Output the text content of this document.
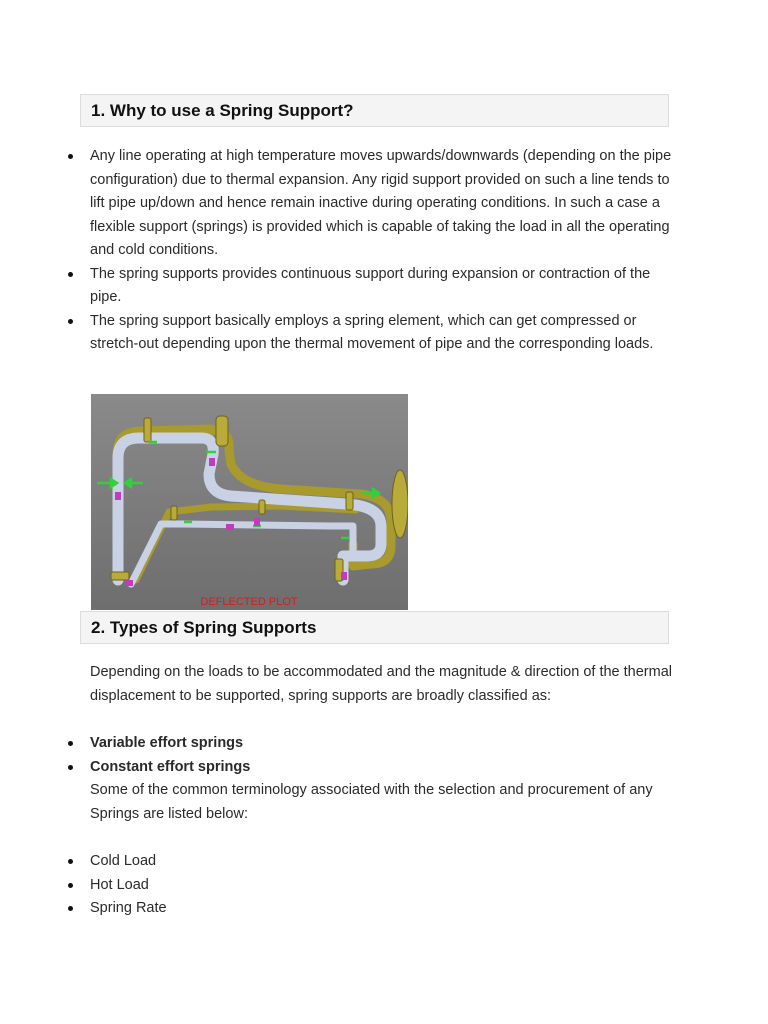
1. Why to use a Spring Support?
Any line operating at high temperature moves upwards/downwards (depending on the pipe configuration) due to thermal expansion. Any rigid support provided on such a line tends to lift pipe up/down and hence remain inactive during operating conditions. In such a case a flexible support (springs) is provided which is capable of taking the load in all the operating and cold conditions.
The spring supports provides continuous support during expansion or contraction of the pipe.
The spring support basically employs a spring element, which can get compressed or stretch-out depending upon the thermal movement of pipe and the corresponding loads.
DEFLECTED PLOT
2. Types of Spring Supports

Depending on the loads to be accommodated and the magnitude & direction of the thermal displacement to be supported, spring supports are broadly classified as:

Variable effort springs
Constant effort springs

Some of the common terminology associated with the selection and procurement of any Springs are listed below:

Cold Load
Hot Load
Spring Rate
